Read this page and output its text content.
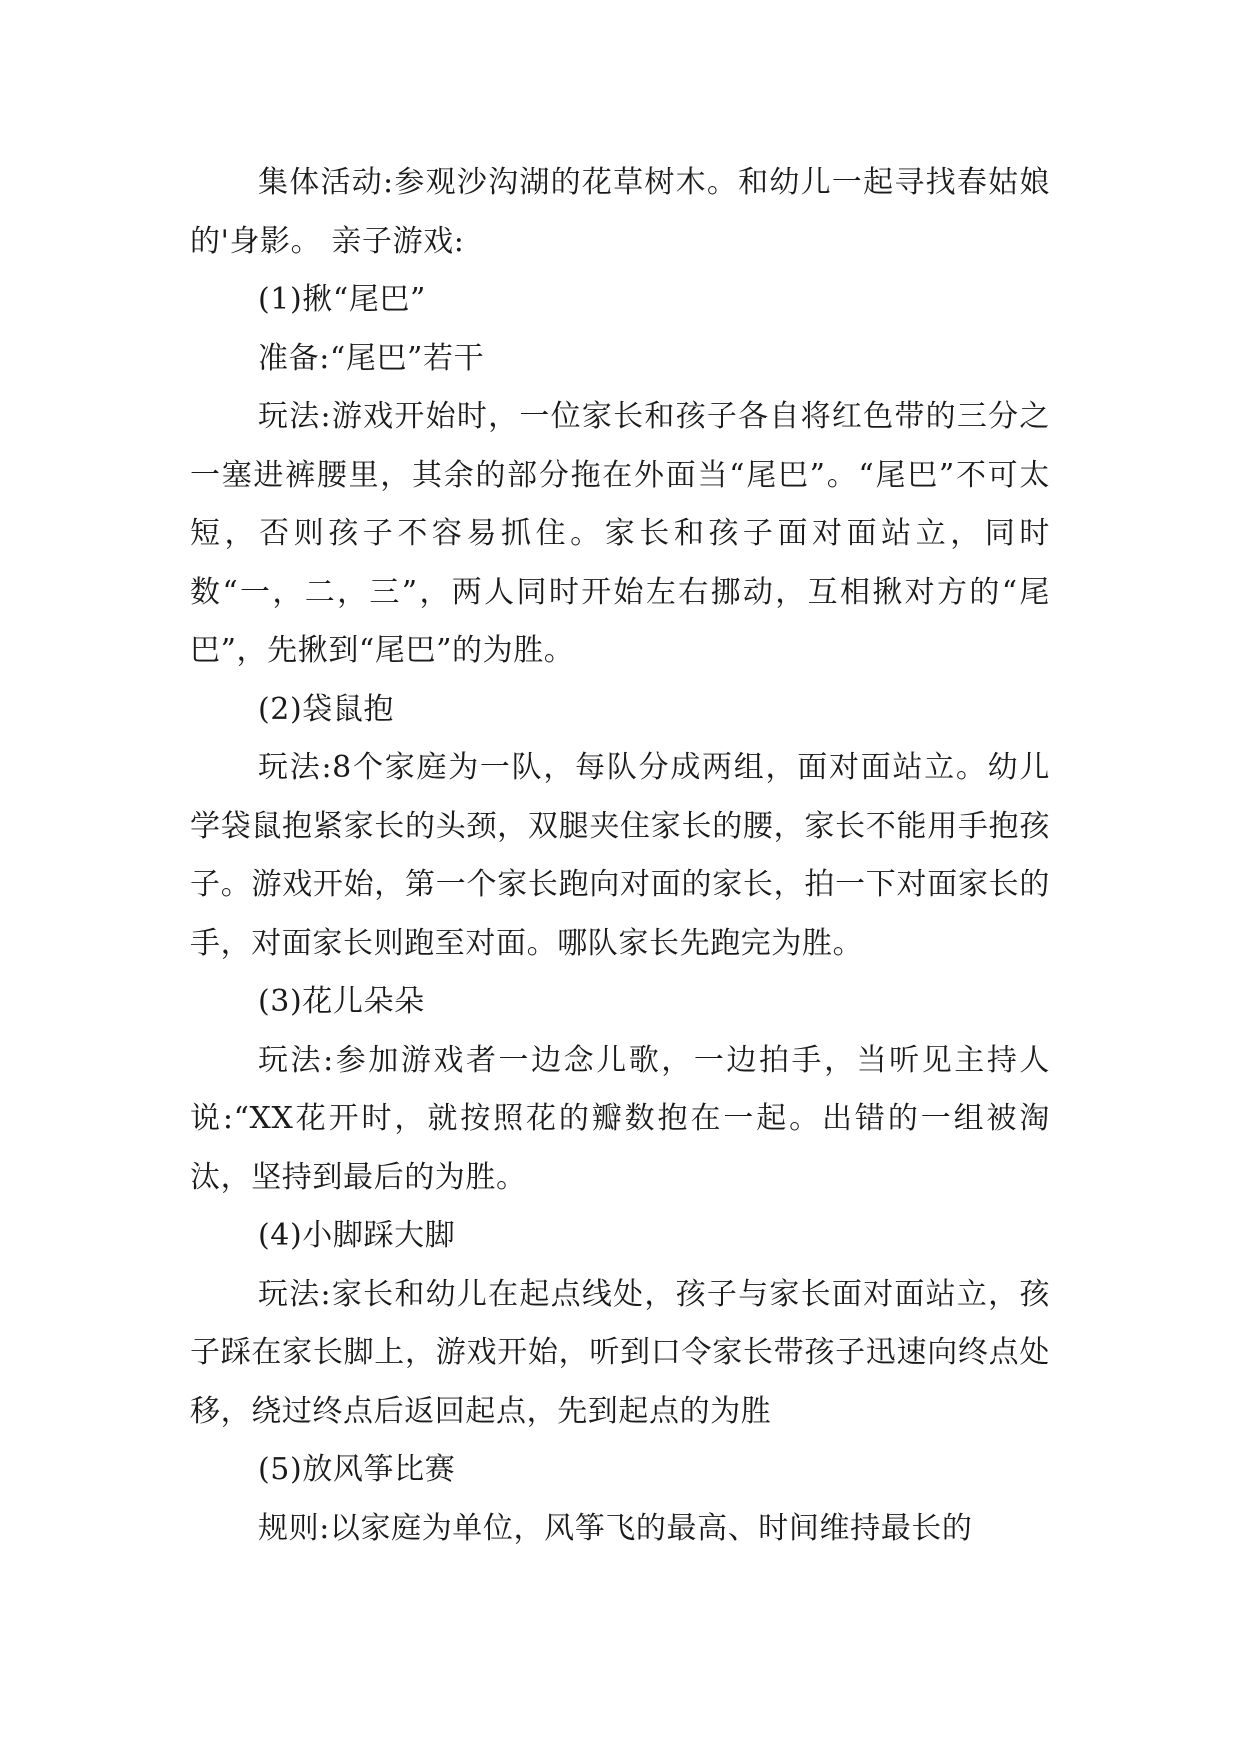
集体活动:参观沙沟湖的花草树木。和幼儿一起寻找春姑娘的'身影。 亲子游戏:

(1)揪“尾巴”

准备:“尾巴”若干

玩法:游戏开始时，一位家长和孩子各自将红色带的三分之一塞进裤腰里，其余的部分拖在外面当“尾巴”。“尾巴”不可太短，否则孩子不容易抓住。家长和孩子面对面站立，同时数“一，二，三”，两人同时开始左右挪动，互相揪对方的“尾巴”，先揪到“尾巴”的为胜。

(2)袋鼠抱

玩法:8个家庭为一队，每队分成两组，面对面站立。幼儿学袋鼠抱紧家长的头颈，双腿夹住家长的腰，家长不能用手抱孩子。游戏开始，第一个家长跑向对面的家长，拍一下对面家长的手，对面家长则跑至对面。哪队家长先跑完为胜。

(3)花儿朵朵

玩法:参加游戏者一边念儿歌，一边拍手，当听见主持人说:“XX花开时，就按照花的瓣数抱在一起。出错的一组被淘汰，坚持到最后的为胜。

(4)小脚踩大脚

玩法:家长和幼儿在起点线处，孩子与家长面对面站立，孩子踩在家长脚上，游戏开始，听到口令家长带孩子迅速向终点处移，绕过终点后返回起点，先到起点的为胜

(5)放风筝比赛

规则:以家庭为单位，风筝飞的最高、时间维持最长的
